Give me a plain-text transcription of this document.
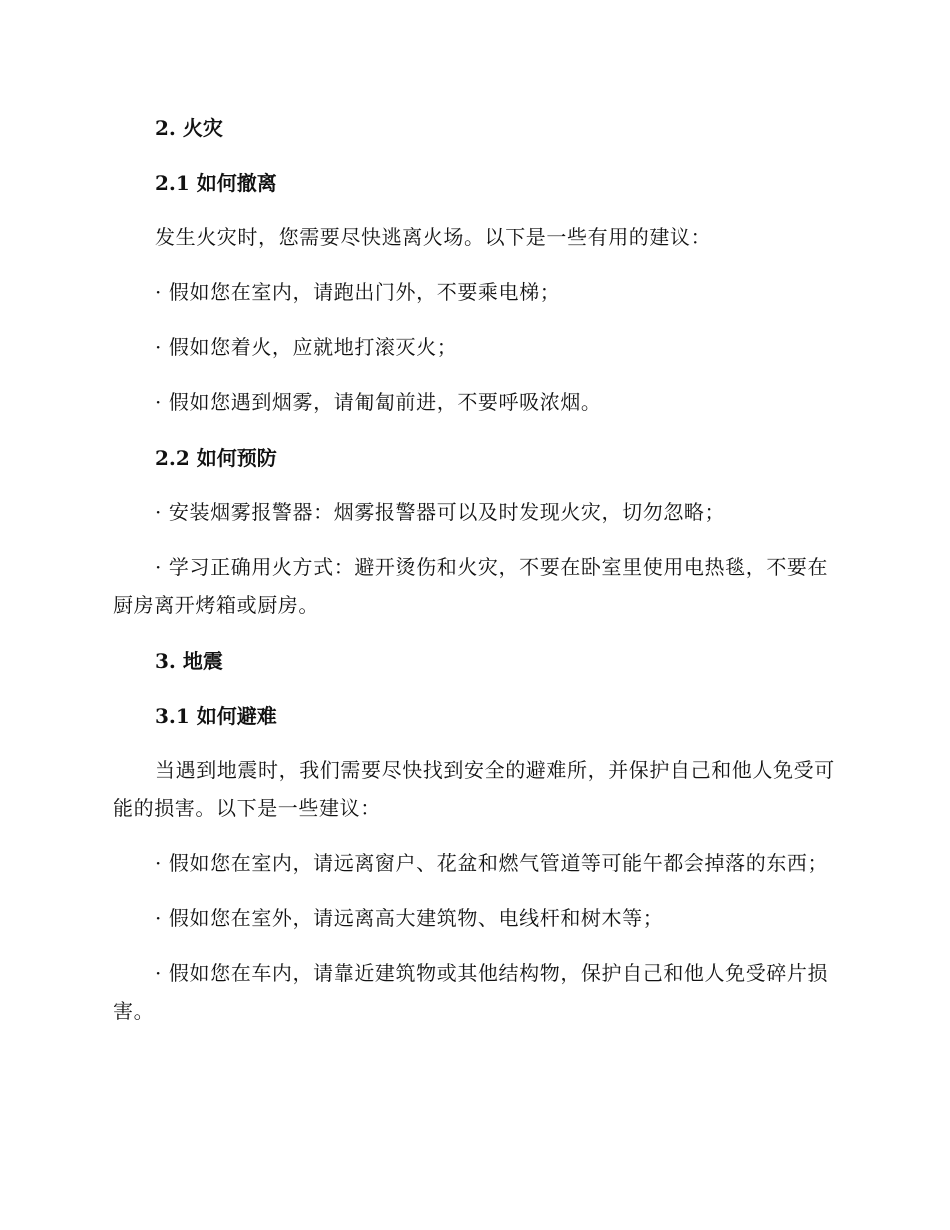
2. 火灾
2.1 如何撤离
发生火灾时，您需要尽快逃离火场。以下是一些有用的建议：
· 假如您在室内，请跑出门外，不要乘电梯；
· 假如您着火，应就地打滚灭火；
· 假如您遇到烟雾，请匍匐前进，不要呼吸浓烟。
2.2 如何预防
· 安装烟雾报警器：烟雾报警器可以及时发现火灾，切勿忽略；
· 学习正确用火方式：避开烫伤和火灾，不要在卧室里使用电热毯，不要在厨房离开烤箱或厨房。
3. 地震
3.1 如何避难
当遇到地震时，我们需要尽快找到安全的避难所，并保护自己和他人免受可能的损害。以下是一些建议：
· 假如您在室内，请远离窗户、花盆和燃气管道等可能午都会掉落的东西；
· 假如您在室外，请远离高大建筑物、电线杆和树木等；
· 假如您在车内，请靠近建筑物或其他结构物，保护自己和他人免受碎片损害。
